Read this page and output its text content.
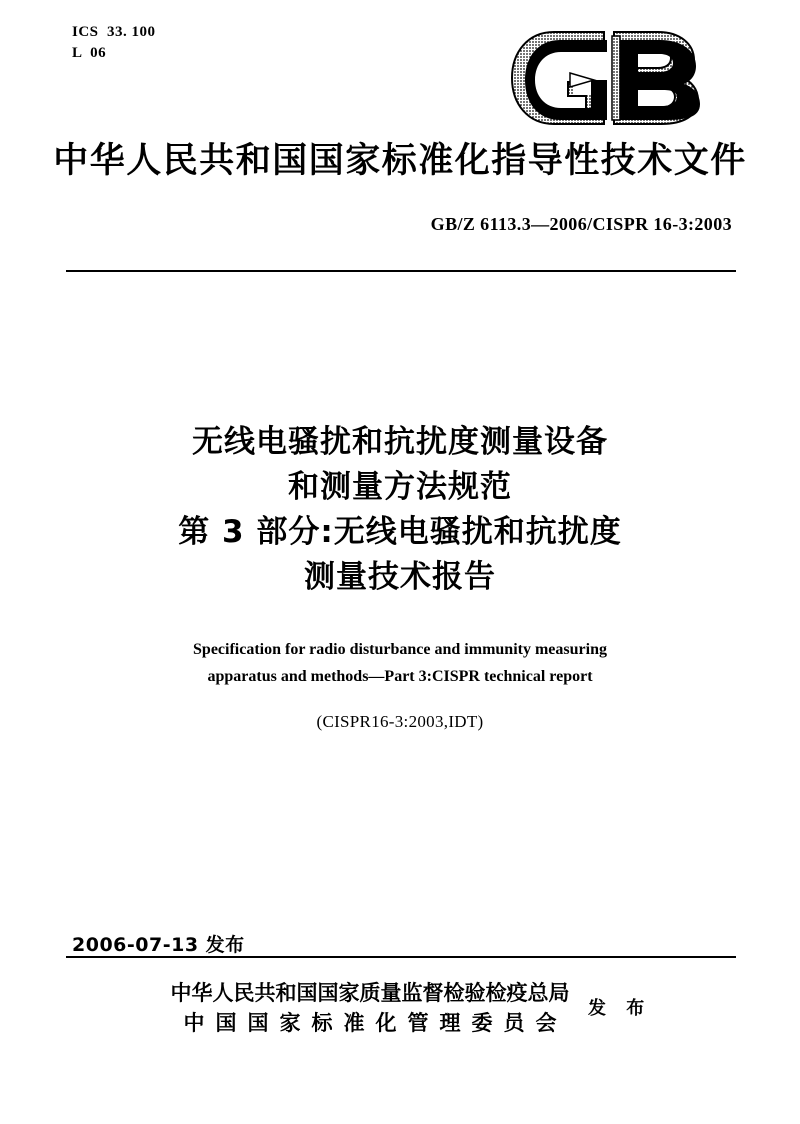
ICS  33. 100
L  06
中华人民共和国国家标准化指导性技术文件
GB/Z 6113.3—2006/CISPR 16-3:2003
无线电骚扰和抗扰度测量设备
和测量方法规范
第 3 部分:无线电骚扰和抗扰度
测量技术报告
Specification for radio disturbance and immunity measuring
apparatus and methods—Part 3:CISPR technical report
(CISPR16-3:2003,IDT)
2006-07-13 发布
中华人民共和国国家质量监督检验检疫总局
中国国家标准化管理委员会
发 布
